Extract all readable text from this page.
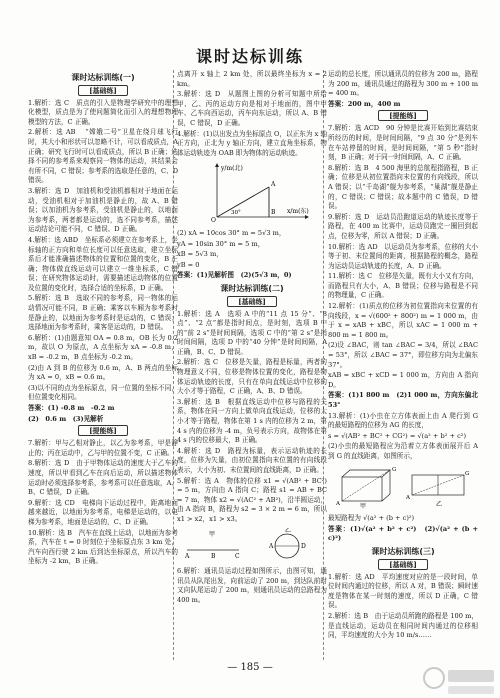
课时达标训练
课时达标训练(一)
[基础练]

1.解析：选 C　质点的引入是物理学研究中的理想化模型，质点是为了使问题简化而引入的理想物理模型的方法，C 正确。

2.解析：选 AB 　“嫦娥二号”卫星在绕月球飞行时，其大小和形状可以忽略不计，可以看成质点，A 正确；研究飞行时可以看成质点，所以 B 正确；选择不同的参考系来观察同一物体的运动，其结果会有所不同，C 错误；参考系的选取是任意的，C、D 错误。

3.解析：选 D　加油机和受油机都相对于地面在运动，受油机相对于加油机是静止的，故 A、B 错误；以加油机为参考系，受油机是静止的，以地面为参考系，两者都是运动的，选不同参考系，描述运动结论可能不同，C 错误、D 正确。

4.解析：选 ABD　坐标系必须建立在参考系上，坐标轴的正方向和单位长度可以任意选取，建立坐标系后才能准确描述物体的位置和位置的变化，B 正确；物体做直线运动可以建立一维坐标系，C 错误；在研究物体运动时，需要描述运动物体的位置及位置的变化时，选择合适的坐标系，D 正确。

5.解析：选 B　选取不同的参考系，同一物体的运动情况可能不同，B 正确；乘客以车厢为参考系时是静止的，以地面为参考系时是运动的，C 错误；选择地面为参考系时，乘客是运动的，D 错误。

6.解析：(1)由题意知 OA = 0.8 m，OB 长为 0.2 m，故以 O 为原点，A 点坐标为 xA = -0.8 m，xB = -0.2 m，B 点坐标为 -0.2 m。

(2)由 A 到 B 的位移为 0.6 m，A、B 两点的坐标为 xA = 0，xB = 0.6 m。

(3)以不同的点为坐标原点，同一位置的坐标不同，但位置变化相同。

答案：(1) -0.8 m　-0.2 m

(2)　0.6 m　(3)见解析

[提能练]

7.解析：甲与乙相对静止，以乙为参考系，甲是静止的；丙在运动中，乙与甲的位置不变，C 正确。

8.解析：选 D　由于甲物体运动的速度大于乙车的速度，所以甲看到乙车在向后运动，所以描述物体运动时必须选择参考系，参考系可以任意选取，A、B、C 错误，D 正确。

9.解析：选 CD　电梯向下运动过程中，距离地面越来越近，以地面为参考系，电梯是运动的，以电梯为参考系，地面是运动的，C、D 正确。

10.解析：选 B　汽车在直线上运动，以地面为参考系，汽车在 t = 0 时刻位于坐标原点东 3 km 处，汽车向西行驶 2 km 后到达坐标原点，所以汽车的坐标为 -2 km，B 正确。

点离开 x 轴上 2 km 处，所以最终坐标为 x = 2 km。

3.解析：选 D　从题图上图的分析可知题中所给甲、乙、丙的运动方向是相对于地面的，图中甲车、乙车向西运动，丙车向东运动，所以 A、B 错误，C 错误，D 正确。

4.解析：(1)以出发点为坐标原点 O，以正东为 x 轴正方向，正北为 y 轴正方向，建立直角坐标系，物体运动轨迹为 OAB 即为物体的运动轨迹。

y/m(北)
x/m(东)
A
B
O
30°

(2) xA = 10cos 30° m = 5√3 m，

yA = 10sin 30° m = 5 m，

xB = 5√3 m，

yB = 0

答案：(1)见解析图　(2)(5√3 m，0)

课时达标训练(二)
[基础练]

1.解析：选 A　选项 A 中的“11 点 15 分”、“8 点”、“2 点”都是指时间点，是时刻，选项 B 中的“前 2 s”是时间间隔，选项 C 中的“第 2 s”是指时间间隔，选项 D 中的“40 分钟”是时间间隔，A 正确，B、C、D 错误。

2.解析：选 C　位移是矢量，路程是标量，两者的物理意义不同，位移是物体位置的变化，路程是物体运动轨迹的长度，只有在单向直线运动中位移的大小才等于路程，C 正确，A、B、D 错误。

3.解析：选 B　根据直线运动中位移与路程的关系，物体在同一方向上做单向直线运动，位移的大小才等于路程，物体在第 1 s 内的位移为 2 m，第 4 s 内的位移为 -4 m，负号表示方向，故物体在第 4 s 内的位移最大，B 正确。

4.解析：选 D　路程为标量，表示运动轨迹的长度，位移为矢量，由初位置指向末位置的有向线段表示，大小为初、末位置间的直线距离，D 正确。

5.解析：选 A　物体的位移 x1 = √(AB² + BC²) = 5 m，方向由 A 指向 C；路程 s1 = AB + BC = 7 m，物体 x2 = √(AC² + AB²)，沿半圆运动，由 A 指向 B，路程为 s2 = 3 × 2 m = 6 m，所以 x1 > x2，x1 > x3。

A	B	C
甲
A	D
乙

6.解析：通讯员运动过程如图所示，由图可知，通讯员从队尾出发，向前运动了 200 m，到达队前时又向队尾运动了 200 m，则通讯员运动的总路程为 400 m。

运动的总长度，所以通讯员的位移为 200 m，路程为 200 m，通讯员通过的路程为 300 m + 100 m = 400 m。

答案：200 m，400 m

[提能练]

7.解析：选 ACD　90 分钟是比赛开始到比赛结束所经历的时间，是时间间隔，“9 点 30 分”是列车在车站停留的时间，是时间间隔，“第 5 秒”指时刻，B 正确；对于同一时间间隔，A、C 正确。

8.解析：选 B　4 500 海里的总航程指路程，B 正确；位移是从初位置指向末位置的有向线段，所以 A 错误；以“千岛湖”舰为参考系，“巢湖”舰是静止的，C 错误；C 错误；故本题中的 C 错误，D 错误。

9.解析：选 D　运动员沿跑道运动的轨迹长度等于路程，在 400 m 比赛中，运动员跑完一圈回到起点，位移为零，所以 A 错误；D 正确。

10.解析：选 AD　以运动员为参考系，位移的大小等于初、末位置间的距离，根据路程的概念，路程为运动员运动轨迹的长度，A、D 正确。

11.解析：选 C　位移是矢量，既有大小又有方向，而路程只有大小，A、B 错误；位移与路程是不同的物理量，C 正确。

12.解析：(1)质点的位移为初位置指向末位置的有向线段，x = √(600² + 800²) m = 1 000 m，由于 x = xAB + xBC，所以 xAC = 1 000 m + 800 m = 1 800 m。

(2)设 ∠BAC，则 tan ∠BAC = 3/4，所以 ∠BAC = 53°，所以 ∠BAC = 37°，即位移方向为北偏东 37°。

xAB = xBC + xCD = 1 000 m，方向由 A 指向 D。

答案：(1)1 800 m　(2)1 000 m，方向东偏北 53°

13.解析：(1)小虫在立方体表面上由 A 爬行到 G 的最短路程的位移为 AG 的长度，

s = √(AB² + BC² + CG²) = √(a² + b² + c²)

(2)小虫的最短路程应为沿着立方体表面展开后 A 到 G 的直线距离，如图所示，

A
G
甲
A
G
乙

最短路程为 √(a² + (b + c)²)

答案：(1)√(a² + b² + c²)　(2)√(a² + (b + c)²)

课时达标训练(三)
[基础练]

1.解析：选 AD　平均速度对应的是一段时间，单位时间内通过的位移，所以 A 对，B 错误；瞬时速度是物体在某一时刻的速度，所以 D 正确，C 错误。

2.解析：选 B　由于运动员所跑的路程是 100 m，是直线运动，运动员在相同时间内通过的位移相同，平均速度的大小为 10 m/s……

— 185 —
